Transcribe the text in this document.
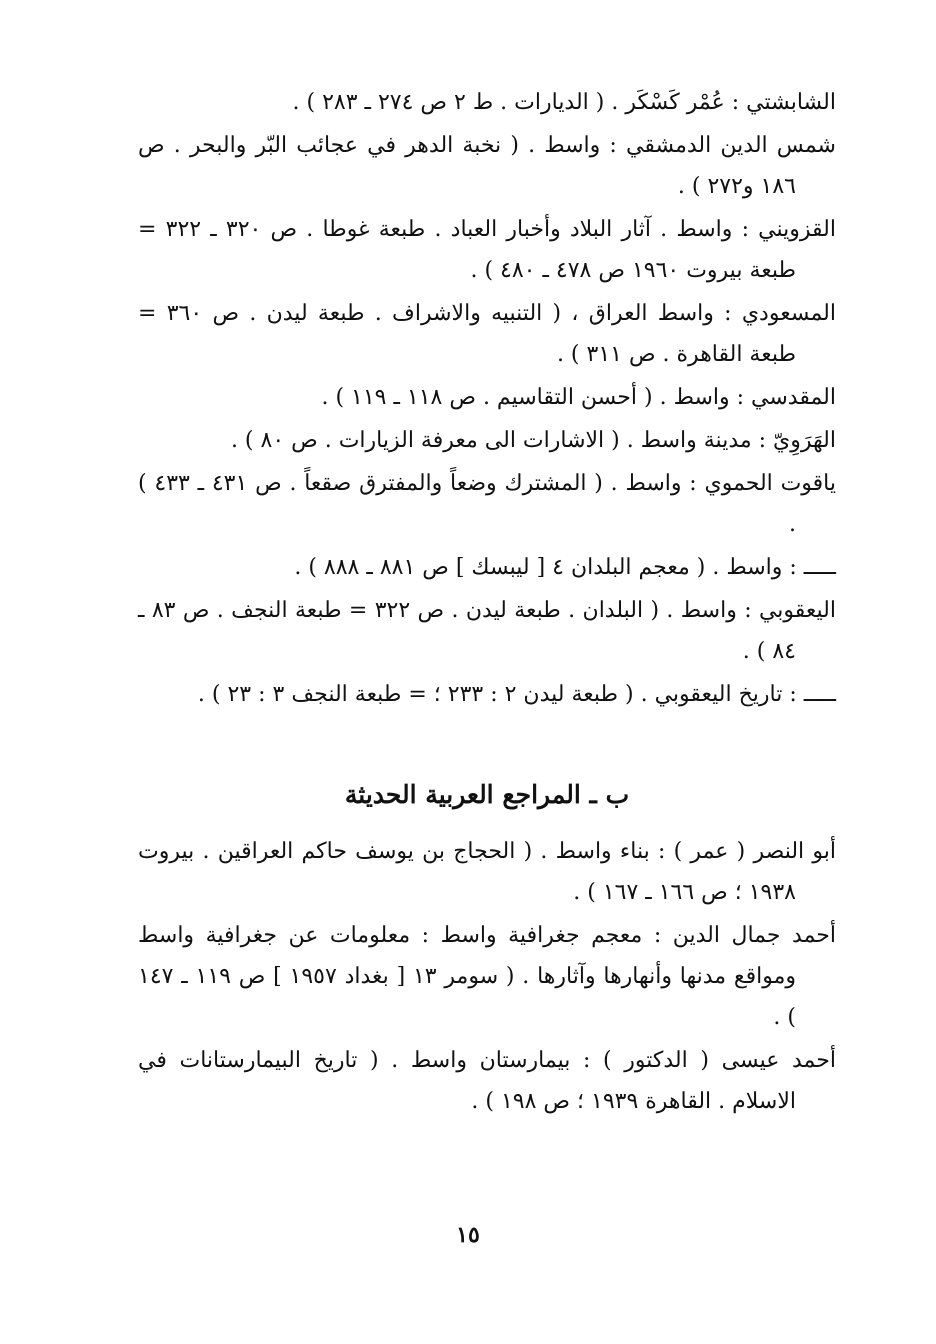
الشابشتي : عُمْر كَسْكَر . ( الديارات . ط ٢ ص ٢٧٤ ـ ٢٨٣ ) .

شمس الدين الدمشقي : واسط . ( نخبة الدهر في عجائب البّر والبحر . ص ١٨٦ و٢٧٢ ) .

القزويني : واسط . آثار البلاد وأخبار العباد . طبعة غوطا . ص ٣٢٠ ـ ٣٢٢ = طبعة بيروت ١٩٦٠ ص ٤٧٨ ـ ٤٨٠ ) .

المسعودي : واسط العراق ، ( التنبيه والاشراف . طبعة ليدن . ص ٣٦٠ = طبعة القاهرة . ص ٣١١ ) .

المقدسي : واسط . ( أحسن التقاسيم . ص ١١٨ ـ ١١٩ ) .

الهَرَوِيّ : مدينة واسط . ( الاشارات الى معرفة الزيارات . ص ٨٠ ) .

ياقوت الحموي : واسط . ( المشترك وضعاً والمفترق صقعاً . ص ٤٣١ ـ ٤٣٣ ) .

ـــــ : واسط . ( معجم البلدان ٤ [ ليبسك ] ص ٨٨١ ـ ٨٨٨ ) .

اليعقوبي : واسط . ( البلدان . طبعة ليدن . ص ٣٢٢ = طبعة النجف . ص ٨٣ ـ ٨٤ ) .

ـــــ : تاريخ اليعقوبي . ( طبعة ليدن ٢ : ٢٣٣ ؛ = طبعة النجف ٣ : ٢٣ ) .

ب ـ المراجع العربية الحديثة

أبو النصر ( عمر ) : بناء واسط . ( الحجاج بن يوسف حاكم العراقين . بيروت ١٩٣٨ ؛ ص ١٦٦ ـ ١٦٧ ) .

أحمد جمال الدين : معجم جغرافية واسط : معلومات عن جغرافية واسط ومواقع مدنها وأنهارها وآثارها . ( سومر ١٣ [ بغداد ١٩٥٧ ] ص ١١٩ ـ ١٤٧ ) .

أحمد عيسى ( الدكتور ) : بيمارستان واسط . ( تاريخ البيمارستانات في الاسلام . القاهرة ١٩٣٩ ؛ ص ١٩٨ ) .

١٥
